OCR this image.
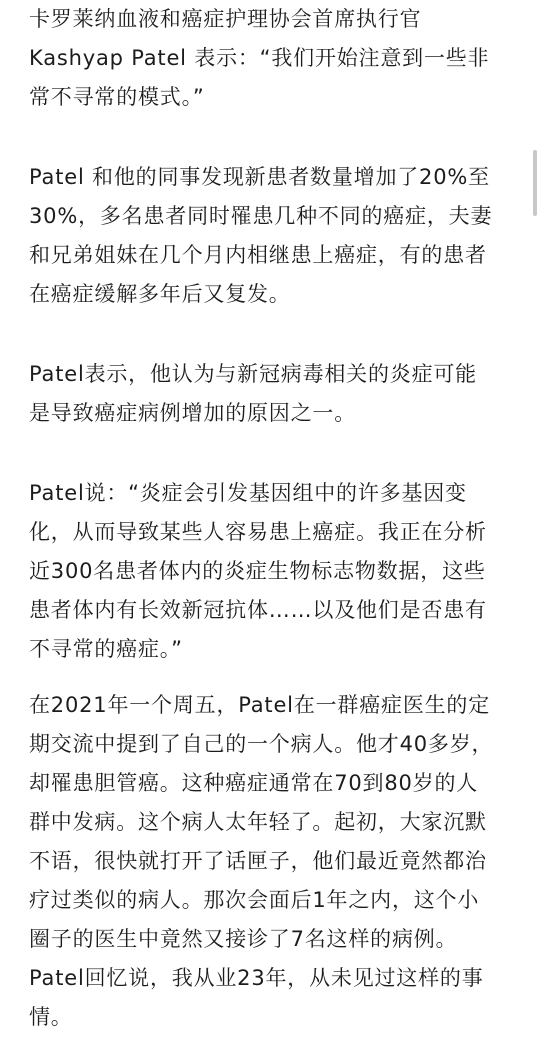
卡罗莱纳血液和癌症护理协会首席执行官
Kashyap Patel 表示：“我们开始注意到一些非
常不寻常的模式。”
Patel 和他的同事发现新患者数量增加了20%至
30%，多名患者同时罹患几种不同的癌症，夫妻
和兄弟姐妹在几个月内相继患上癌症，有的患者
在癌症缓解多年后又复发。
Patel表示，他认为与新冠病毒相关的炎症可能
是导致癌症病例增加的原因之一。
Patel说：“炎症会引发基因组中的许多基因变
化，从而导致某些人容易患上癌症。我正在分析
近300名患者体内的炎症生物标志物数据，这些
患者体内有长效新冠抗体……以及他们是否患有
不寻常的癌症。”
在2021年一个周五，Patel在一群癌症医生的定
期交流中提到了自己的一个病人。他才40多岁，
却罹患胆管癌。这种癌症通常在70到80岁的人
群中发病。这个病人太年轻了。起初，大家沉默
不语，很快就打开了话匣子，他们最近竟然都治
疗过类似的病人。那次会面后1年之内，这个小
圈子的医生中竟然又接诊了7名这样的病例。
Patel回忆说，我从业23年，从未见过这样的事
情。
